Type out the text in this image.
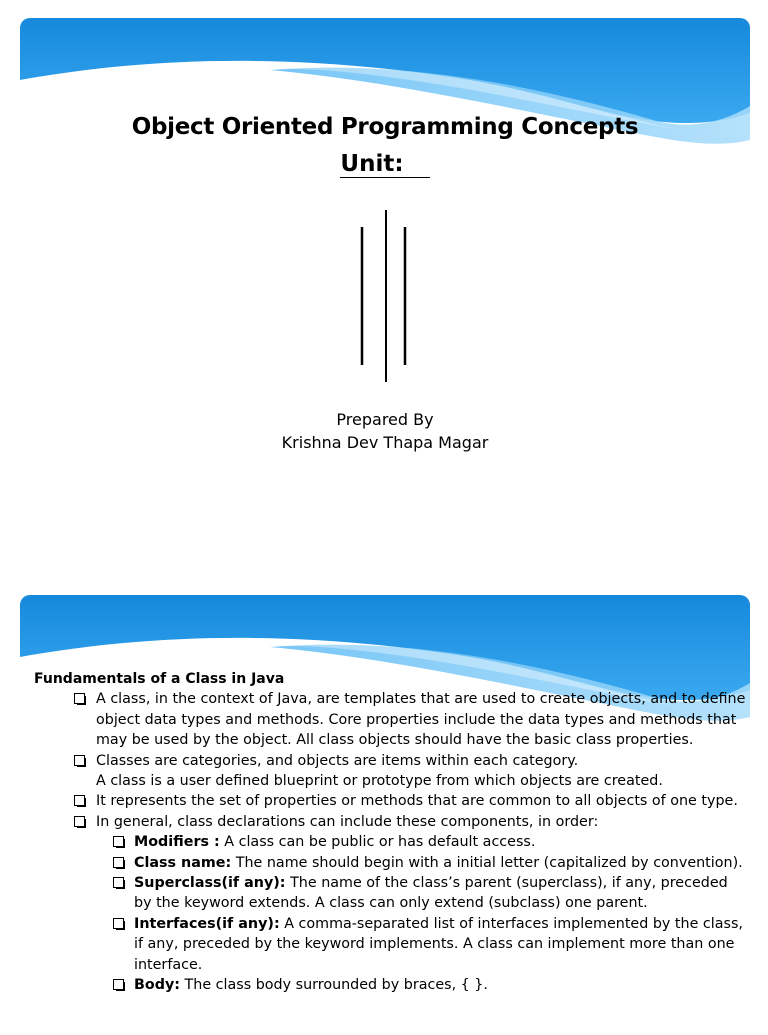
Object Oriented Programming Concepts
Unit:
Prepared By
Krishna Dev Thapa Magar
Fundamentals of a Class in Java
A class, in the context of Java, are templates that are used to create objects, and to define object data types and methods. Core properties include the data types and methods that may be used by the object. All class objects should have the basic class properties.
Classes are categories, and objects are items within each category.
A class is a user defined blueprint or prototype from which objects are created.
It represents the set of properties or methods that are common to all objects of one type.
In general, class declarations can include these components, in order:
Modifiers : A class can be public or has default access.
Class name: The name should begin with a initial letter (capitalized by convention).
Superclass(if any): The name of the class’s parent (superclass), if any, preceded by the keyword extends. A class can only extend (subclass) one parent.
Interfaces(if any): A comma-separated list of interfaces implemented by the class, if any, preceded by the keyword implements. A class can implement more than one interface.
Body: The class body surrounded by braces, { }.
